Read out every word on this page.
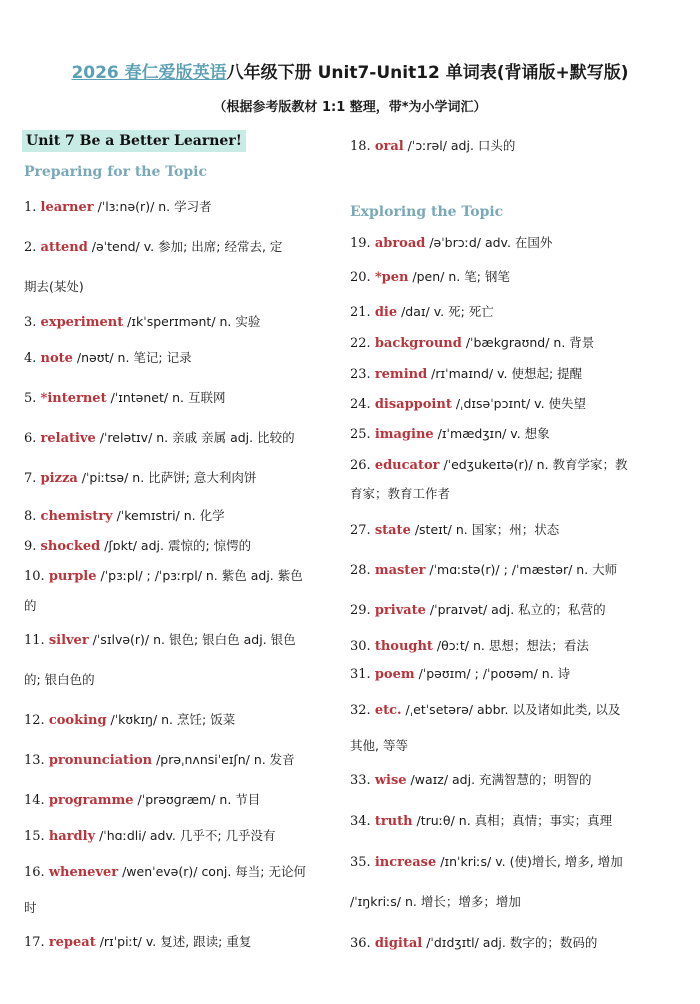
2026 春仁爱版英语八年级下册 Unit7-Unit12 单词表(背诵版+默写版)
（根据参考版教材 1:1 整理，带*为小学词汇）
Unit 7 Be a Better Learner!
Preparing for the Topic
Exploring the Topic
1. learner /ˈlɜːnə(r)/ n. 学习者
2. attend /əˈtend/ v. 参加; 出席; 经常去, 定
期去(某处)
3. experiment /ɪkˈsperɪmənt/ n. 实验
4. note /nəʊt/ n. 笔记; 记录
5. *internet /ˈɪntənet/ n. 互联网
6. relative /ˈrelətɪv/ n. 亲戚 亲属 adj. 比较的
7. pizza /ˈpiːtsə/ n. 比萨饼; 意大利肉饼
8. chemistry /ˈkemɪstri/ n. 化学
9. shocked /ʃɒkt/ adj. 震惊的; 惊愕的
10. purple /ˈpɜːpl/ ; /ˈpɜːrpl/ n. 紫色 adj. 紫色
的
11. silver /ˈsɪlvə(r)/ n. 银色; 银白色 adj. 银色
的; 银白色的
12. cooking /ˈkʊkɪŋ/ n. 烹饪; 饭菜
13. pronunciation /prəˌnʌnsiˈeɪʃn/ n. 发音
14. programme /ˈprəʊɡræm/ n. 节目
15. hardly /ˈhɑːdli/ adv. 几乎不; 几乎没有
16. whenever /wenˈevə(r)/ conj. 每当; 无论何
时
17. repeat /rɪˈpiːt/ v. 复述, 跟读; 重复
18. oral /ˈɔːrəl/ adj. 口头的
19. abroad /əˈbrɔːd/ adv. 在国外
20. *pen /pen/ n. 笔; 钢笔
21. die /daɪ/ v. 死; 死亡
22. background /ˈbækɡraʊnd/ n. 背景
23. remind /rɪˈmaɪnd/ v. 使想起; 提醒
24. disappoint /ˌdɪsəˈpɔɪnt/ v. 使失望
25. imagine /ɪˈmædʒɪn/ v. 想象
26. educator /ˈedʒukeɪtə(r)/ n. 教育学家；教
育家；教育工作者
27. state /steɪt/ n. 国家；州；状态
28. master /ˈmɑːstə(r)/ ; /ˈmæstər/ n. 大师
29. private /ˈpraɪvət/ adj. 私立的；私营的
30. thought /θɔːt/ n. 思想；想法；看法
31. poem /ˈpəʊɪm/ ; /ˈpoʊəm/ n. 诗
32. etc. /ˌetˈsetərə/ abbr. 以及诸如此类, 以及
其他, 等等
33. wise /waɪz/ adj. 充满智慧的；明智的
34. truth /truːθ/ n. 真相；真情；事实；真理
35. increase /ɪnˈkriːs/ v. (使)增长, 增多, 增加
/ˈɪŋkriːs/ n. 增长；增多；增加
36. digital /ˈdɪdʒɪtl/ adj. 数字的；数码的
